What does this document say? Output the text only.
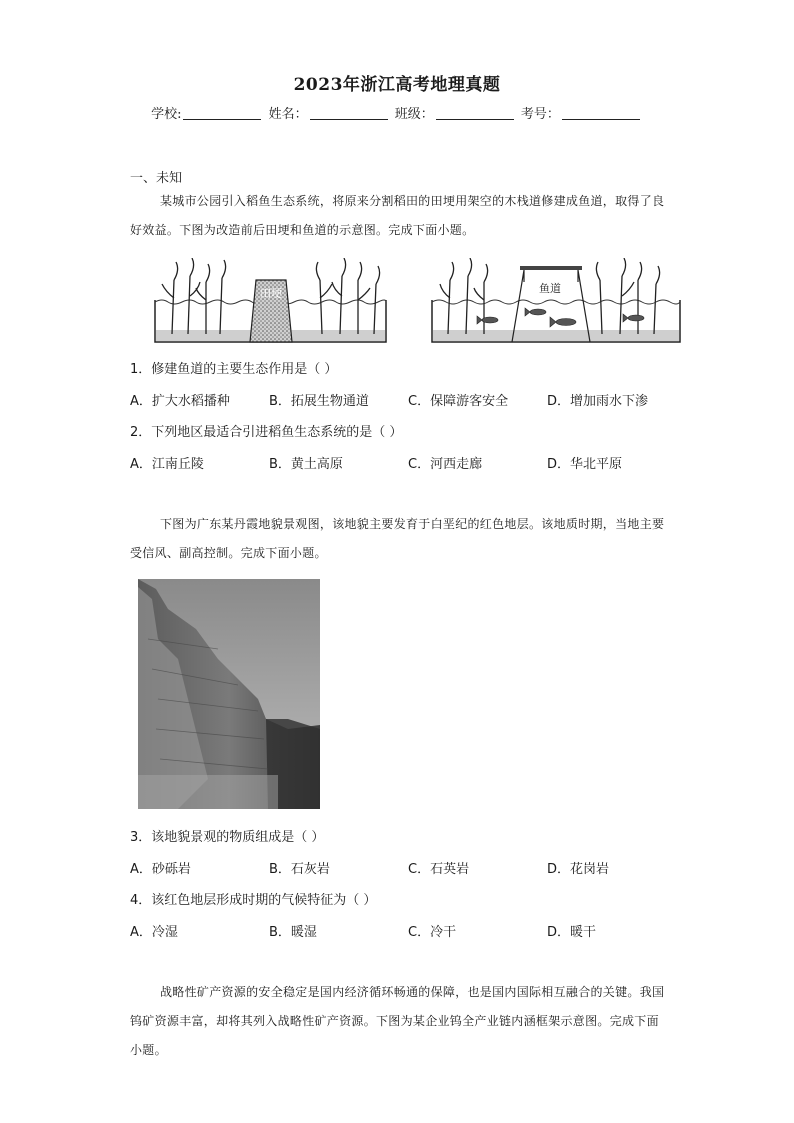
2023年浙江高考地理真题
学校:	姓名：	班级：	考号：
一、未知
某城市公园引入稻鱼生态系统，将原来分割稻田的田埂用架空的木栈道修建成鱼道，取得了良好效益。下图为改造前后田埂和鱼道的示意图。完成下面小题。
田埂	鱼道
1．修建鱼道的主要生态作用是（ ）
A．扩大水稻播种	B．拓展生物通道	C．保障游客安全	D．增加雨水下渗
2．下列地区最适合引进稻鱼生态系统的是（ ）
A．江南丘陵	B．黄土高原	C．河西走廊	D．华北平原
下图为广东某丹霞地貌景观图，该地貌主要发育于白垩纪的红色地层。该地质时期，当地主要受信风、副高控制。完成下面小题。
3．该地貌景观的物质组成是（ ）
A．砂砾岩	B．石灰岩	C．石英岩	D．花岗岩
4．该红色地层形成时期的气候特征为（ ）
A．冷湿	B．暖湿	C．冷干	D．暖干
战略性矿产资源的安全稳定是国内经济循环畅通的保障，也是国内国际相互融合的关键。我国钨矿资源丰富，却将其列入战略性矿产资源。下图为某企业钨全产业链内涵框架示意图。完成下面小题。
